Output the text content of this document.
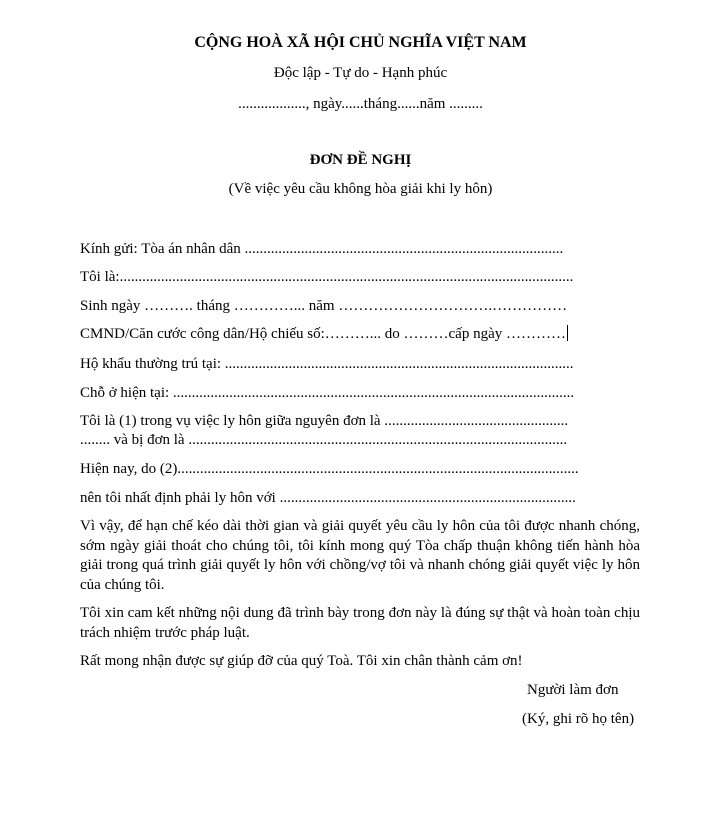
CỘNG HOÀ XÃ HỘI CHỦ NGHĨA VIỆT NAM
Độc lập - Tự do - Hạnh phúc
.................., ngày......tháng......năm .........
ĐƠN ĐỀ NGHỊ
(Về việc yêu cầu không hòa giải khi ly hôn)
Kính gửi: Tòa án nhân dân .....................................................................................
Tôi là:.........................................................................................................................
Sinh ngày ………. tháng …………... năm ………………………….……………
CMND/Căn cước công dân/Hộ chiếu số:………... do ………cấp ngày …………
Hộ khẩu thường trú tại: .............................................................................................
Chỗ ở hiện tại: ...........................................................................................................
Tôi là (1) trong vụ việc ly hôn giữa nguyên đơn là .................................................
........ và bị đơn là .....................................................................................................
Hiện nay, do (2)...........................................................................................................
nên tôi nhất định phải ly hôn với ...............................................................................
Vì vậy, để hạn chế kéo dài thời gian và giải quyết yêu cầu ly hôn của tôi được nhanh chóng, sớm ngày giải thoát cho chúng tôi, tôi kính mong quý Tòa chấp thuận không tiến hành hòa giải trong quá trình giải quyết ly hôn với chồng/vợ tôi và nhanh chóng giải quyết việc ly hôn của chúng tôi.
Tôi xin cam kết những nội dung đã trình bày trong đơn này là đúng sự thật và hoàn toàn chịu trách nhiệm trước pháp luật.
Rất mong nhận được sự giúp đỡ của quý Toà. Tôi xin chân thành cảm ơn!
Người làm đơn
(Ký, ghi rõ họ tên)
